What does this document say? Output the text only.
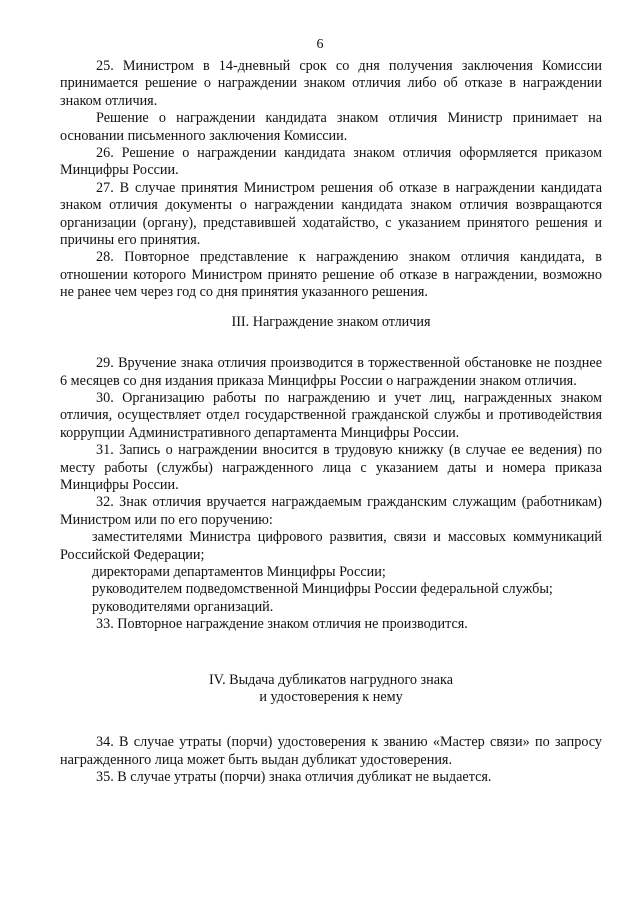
6

25. Министром в 14-дневный срок со дня получения заключения Комиссии принимается решение о награждении знаком отличия либо об отказе в награждении знаком отличия.

Решение о награждении кандидата знаком отличия Министр принимает на основании письменного заключения Комиссии.

26. Решение о награждении кандидата знаком отличия оформляется приказом Минцифры России.

27. В случае принятия Министром решения об отказе в награждении кандидата знаком отличия документы о награждении кандидата знаком отличия возвращаются организации (органу), представившей ходатайство, с указанием принятого решения и причины его принятия.

28. Повторное представление к награждению знаком отличия кандидата, в отношении которого Министром принято решение об отказе в награждении, возможно не ранее чем через год со дня принятия указанного решения.

III. Награждение знаком отличия

29. Вручение знака отличия производится в торжественной обстановке не позднее 6 месяцев со дня издания приказа Минцифры России о награждении знаком отличия.

30. Организацию работы по награждению и учет лиц, награжденных знаком отличия, осуществляет отдел государственной гражданской службы и противодействия коррупции Административного департамента Минцифры России.

31. Запись о награждении вносится в трудовую книжку (в случае ее ведения) по месту работы (службы) награжденного лица с указанием даты и номера приказа Минцифры России.

32. Знак отличия вручается награждаемым гражданским служащим (работникам) Министром или по его поручению:

заместителями Министра цифрового развития, связи и массовых коммуникаций Российской Федерации;

директорами департаментов Минцифры России;

руководителем подведомственной Минцифры России федеральной службы;

руководителями организаций.

33. Повторное награждение знаком отличия не производится.

IV. Выдача дубликатов нагрудного знака

и удостоверения к нему

34. В случае утраты (порчи) удостоверения к званию «Мастер связи» по запросу награжденного лица может быть выдан дубликат удостоверения.

35. В случае утраты (порчи) знака отличия дубликат не выдается.
